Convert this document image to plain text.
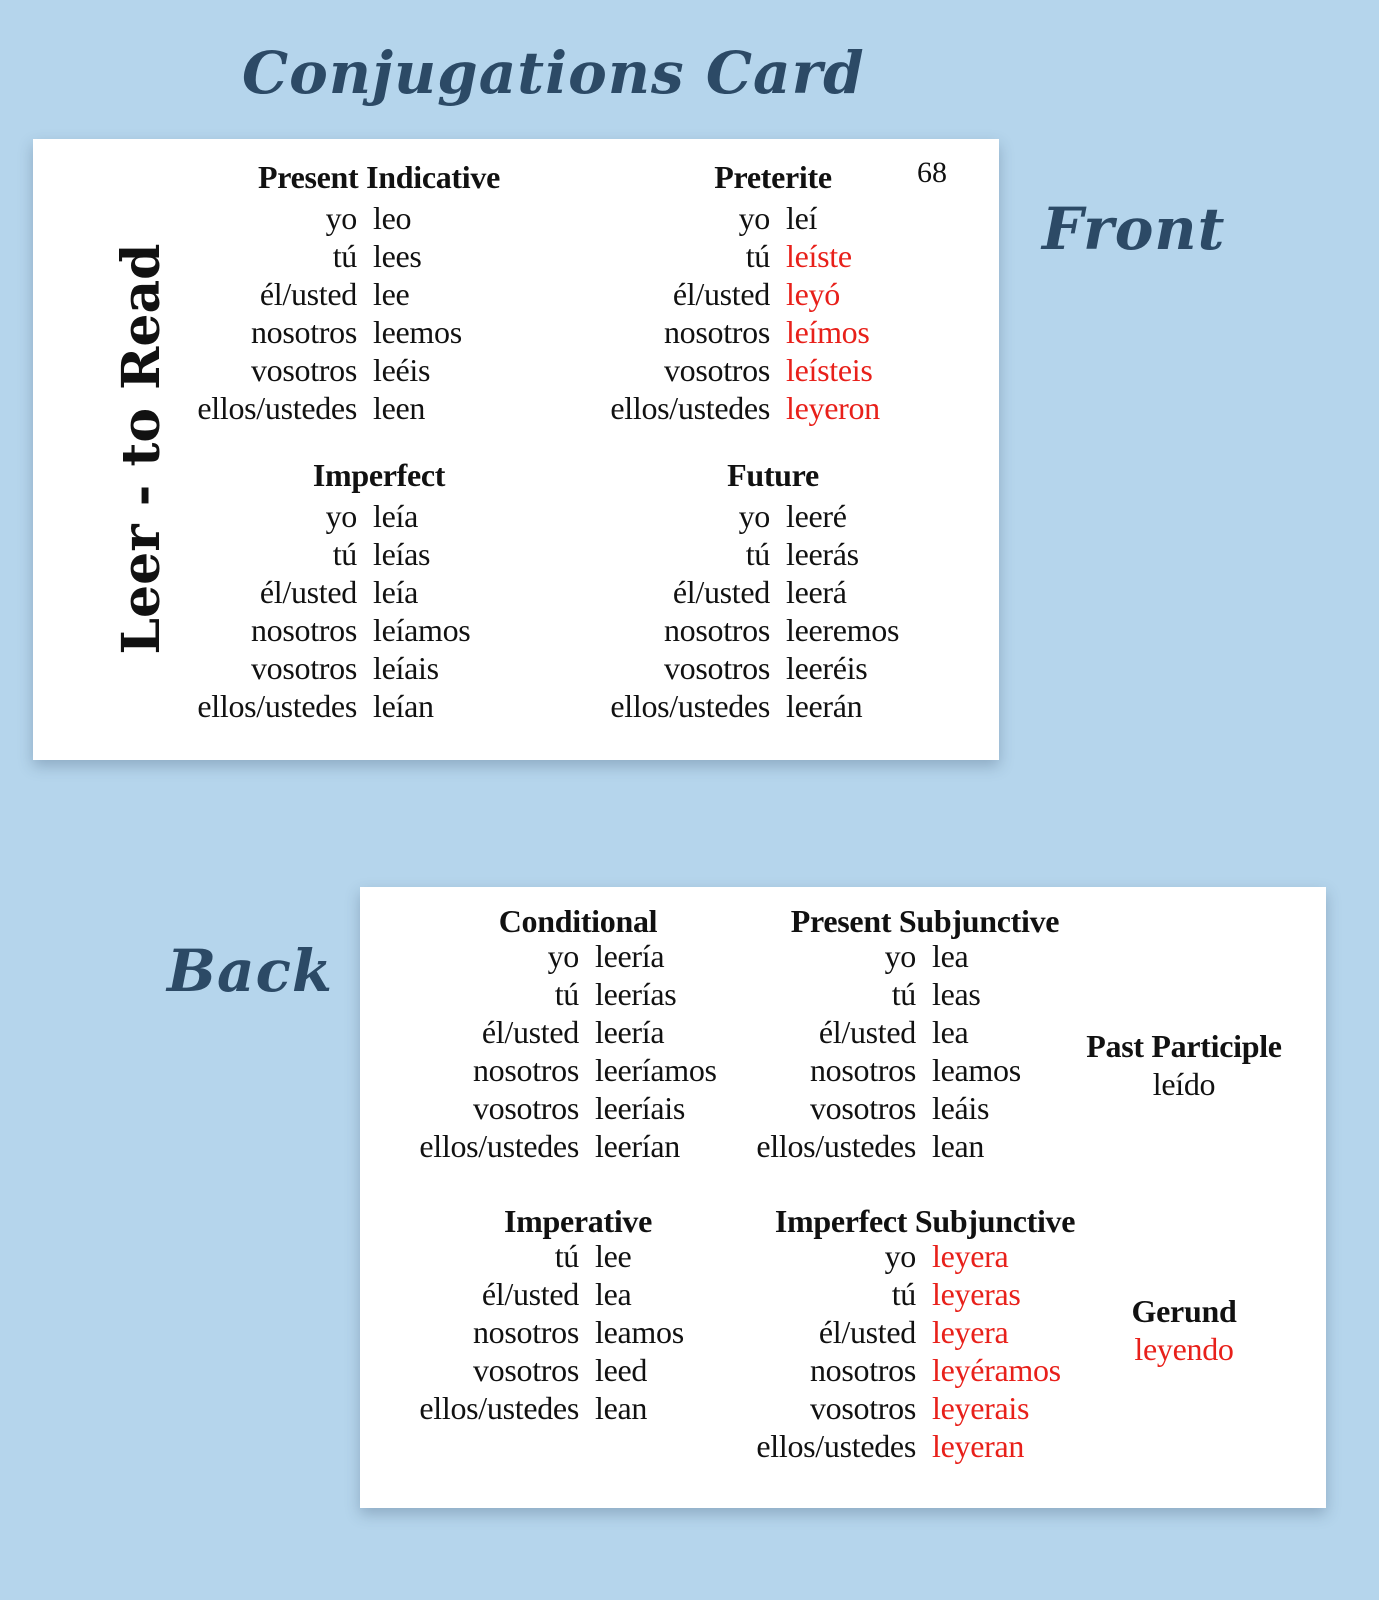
Conjugations Card
Front
Back
Leer - to Read
68
Present Indicative
yo leo
tú lees
él/usted lee
nosotros leemos
vosotros leéis
ellos/ustedes leen
Preterite
yo leí
tú leíste
él/usted leyó
nosotros leímos
vosotros leísteis
ellos/ustedes leyeron
Imperfect
yo leía
tú leías
él/usted leía
nosotros leíamos
vosotros leíais
ellos/ustedes leían
Future
yo leeré
tú leerás
él/usted leerá
nosotros leeremos
vosotros leeréis
ellos/ustedes leerán
Conditional
yo leería
tú leerías
él/usted leería
nosotros leeríamos
vosotros leeríais
ellos/ustedes leerían
Present Subjunctive
yo lea
tú leas
él/usted lea
nosotros leamos
vosotros leáis
ellos/ustedes lean
Past Participle
leído
Imperative
tú lee
él/usted lea
nosotros leamos
vosotros leed
ellos/ustedes lean
Imperfect Subjunctive
yo leyera
tú leyeras
él/usted leyera
nosotros leyéramos
vosotros leyerais
ellos/ustedes leyeran
Gerund
leyendo
